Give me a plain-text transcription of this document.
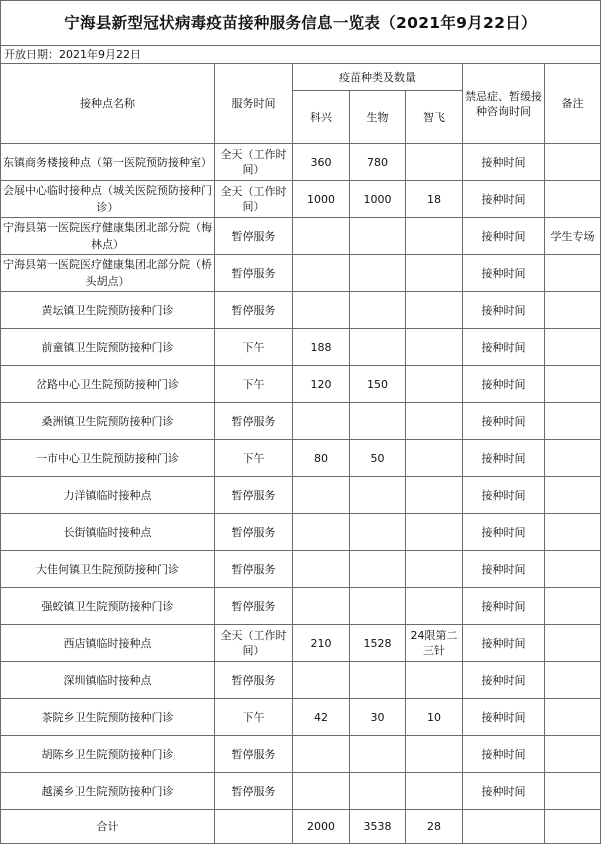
宁海县新型冠状病毒疫苗接种服务信息一览表（2021年9月22日）						
开放日期：2021年9月22日						
接种点名称	服务时间	疫苗种类及数量			禁忌症、暂缓接种咨询时间	备注
		科兴	生物	智飞		
东镇商务楼接种点（第一医院预防接种室）	全天（工作时间）	360	780		接种时间	
会展中心临时接种点（城关医院预防接种门诊）	全天（工作时间）	1000	1000	18	接种时间	
宁海县第一医院医疗健康集团北部分院（梅林点）	暂停服务				接种时间	学生专场
宁海县第一医院医疗健康集团北部分院（桥头胡点）	暂停服务				接种时间	
黄坛镇卫生院预防接种门诊	暂停服务				接种时间	
前童镇卫生院预防接种门诊	下午	188			接种时间	
岔路中心卫生院预防接种门诊	下午	120	150		接种时间	
桑洲镇卫生院预防接种门诊	暂停服务				接种时间	
一市中心卫生院预防接种门诊	下午	80	50		接种时间	
力洋镇临时接种点	暂停服务				接种时间	
长街镇临时接种点	暂停服务				接种时间	
大佳何镇卫生院预防接种门诊	暂停服务				接种时间	
强蛟镇卫生院预防接种门诊	暂停服务				接种时间	
西店镇临时接种点	全天（工作时间）	210	1528	24限第二三针	接种时间	
深圳镇临时接种点	暂停服务				接种时间	
茶院乡卫生院预防接种门诊	下午	42	30	10	接种时间	
胡陈乡卫生院预防接种门诊	暂停服务				接种时间	
越溪乡卫生院预防接种门诊	暂停服务				接种时间	
合计		2000	3538	28		
